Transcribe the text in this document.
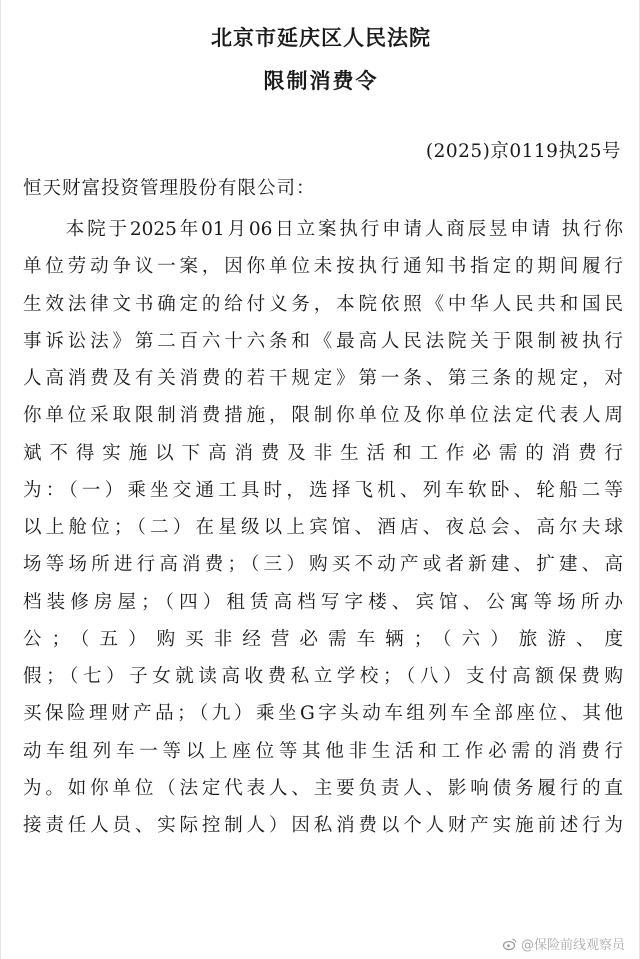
北京市延庆区人民法院
限制消费令
(2025)京0119执25号
恒天财富投资管理股份有限公司：
　　本院于2025年01月06日立案执行申请人商辰昱申请 执行你
单位劳动争议一案，因你单位未按执行通知书指定的期间履行
生效法律文书确定的给付义务，本院依照《中华人民共和国民
事诉讼法》第二百六十六条和《最高人民法院关于限制被执行
人高消费及有关消费的若干规定》第一条、第三条的规定，对
你单位采取限制消费措施，限制你单位及你单位法定代表人周
斌不得实施以下高消费及非生活和工作必需的消费行
为：（一）乘坐交通工具时，选择飞机、列车软卧、轮船二等
以上舱位；（二）在星级以上宾馆、酒店、夜总会、高尔夫球
场等场所进行高消费；（三）购买不动产或者新建、扩建、高
档装修房屋；（四）租赁高档写字楼、宾馆、公寓等场所办
公；（五）购买非经营必需车辆；（六）旅游、度
假；（七）子女就读高收费私立学校；（八）支付高额保费购
买保险理财产品；（九）乘坐G字头动车组列车全部座位、其他
动车组列车一等以上座位等其他非生活和工作必需的消费行
为。如你单位（法定代表人、主要负责人、影响债务履行的直
接责任人员、实际控制人）因私消费以个人财产实施前述行为
@保险前线观察员
